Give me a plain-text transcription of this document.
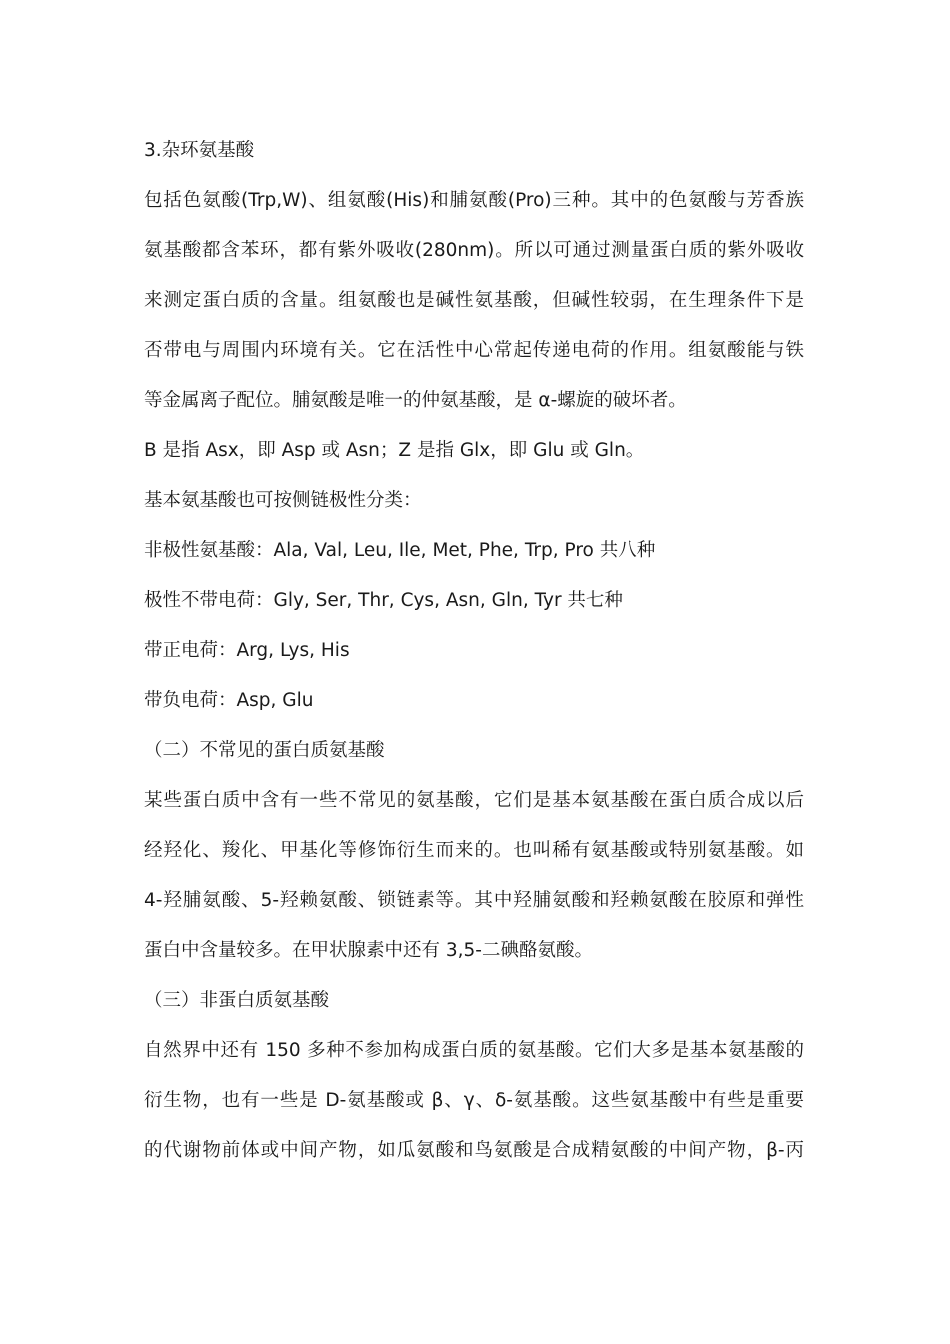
3.杂环氨基酸
包括色氨酸(Trp,W)、组氨酸(His)和脯氨酸(Pro)三种。其中的色氨酸与芳香族
氨基酸都含苯环，都有紫外吸收(280nm)。所以可通过测量蛋白质的紫外吸收
来测定蛋白质的含量。组氨酸也是碱性氨基酸，但碱性较弱，在生理条件下是
否带电与周围内环境有关。它在活性中心常起传递电荷的作用。组氨酸能与铁
等金属离子配位。脯氨酸是唯一的仲氨基酸，是 α-螺旋的破坏者。
B 是指 Asx，即 Asp 或 Asn；Z 是指 Glx，即 Glu 或 Gln。
基本氨基酸也可按侧链极性分类：
非极性氨基酸：Ala, Val, Leu, Ile, Met, Phe, Trp, Pro 共八种
极性不带电荷：Gly, Ser, Thr, Cys, Asn, Gln, Tyr 共七种
带正电荷：Arg, Lys, His
带负电荷：Asp, Glu
（二）不常见的蛋白质氨基酸
某些蛋白质中含有一些不常见的氨基酸，它们是基本氨基酸在蛋白质合成以后
经羟化、羧化、甲基化等修饰衍生而来的。也叫稀有氨基酸或特别氨基酸。如
4-羟脯氨酸、5-羟赖氨酸、锁链素等。其中羟脯氨酸和羟赖氨酸在胶原和弹性
蛋白中含量较多。在甲状腺素中还有 3,5-二碘酪氨酸。
（三）非蛋白质氨基酸
自然界中还有 150 多种不参加构成蛋白质的氨基酸。它们大多是基本氨基酸的
衍生物，也有一些是 D-氨基酸或 β、γ、δ-氨基酸。这些氨基酸中有些是重要
的代谢物前体或中间产物，如瓜氨酸和鸟氨酸是合成精氨酸的中间产物，β-丙
